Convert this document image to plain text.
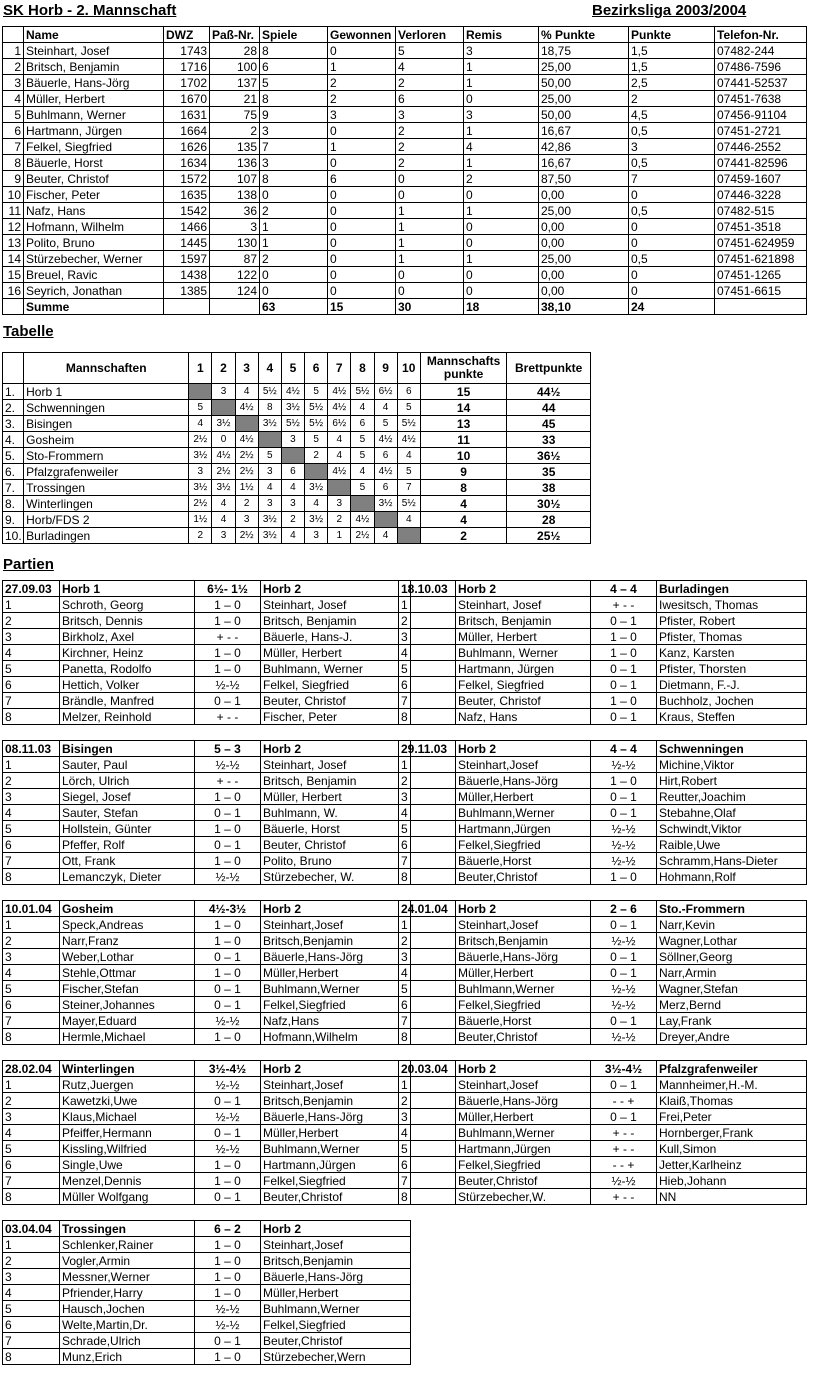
SK Horb - 2. Mannschaft	Bezirksliga 2003/2004
	Name	DWZ	Paß-Nr.	Spiele	Gewonnen	Verloren	Remis	% Punkte	Punkte	Telefon-Nr.
1	Steinhart, Josef	1743	28	8	0	5	3	18,75	1,5	07482-244
2	Britsch, Benjamin	1716	100	6	1	4	1	25,00	1,5	07486-7596
3	Bäuerle, Hans-Jörg	1702	137	5	2	2	1	50,00	2,5	07441-52537
4	Müller, Herbert	1670	21	8	2	6	0	25,00	2	07451-7638
5	Buhlmann, Werner	1631	75	9	3	3	3	50,00	4,5	07456-91104
6	Hartmann, Jürgen	1664	2	3	0	2	1	16,67	0,5	07451-2721
7	Felkel, Siegfried	1626	135	7	1	2	4	42,86	3	07446-2552
8	Bäuerle, Horst	1634	136	3	0	2	1	16,67	0,5	07441-82596
9	Beuter, Christof	1572	107	8	6	0	2	87,50	7	07459-1607
10	Fischer, Peter	1635	138	0	0	0	0	0,00	0	07446-3228
11	Nafz, Hans	1542	36	2	0	1	1	25,00	0,5	07482-515
12	Hofmann, Wilhelm	1466	3	1	0	1	0	0,00	0	07451-3518
13	Polito, Bruno	1445	130	1	0	1	0	0,00	0	07451-624959
14	Stürzebecher, Werner	1597	87	2	0	1	1	25,00	0,5	07451-621898
15	Breuel, Ravic	1438	122	0	0	0	0	0,00	0	07451-1265
16	Seyrich, Jonathan	1385	124	0	0	0	0	0,00	0	07451-6615
	Summe			63	15	30	18	38,10	24	
Tabelle
	Mannschaften	1	2	3	4	5	6	7	8	9	10	Mannschafts punkte	Brettpunkte
1.	Horb 1		3	4	5½	4½	5	4½	5½	6½	6	15	44½
2.	Schwenningen	5		4½	8	3½	5½	4½	4	4	5	14	44
3.	Bisingen	4	3½		3½	5½	5½	6½	6	5	5½	13	45
4.	Gosheim	2½	0	4½		3	5	4	5	4½	4½	11	33
5.	Sto-Frommern	3½	4½	2½	5		2	4	5	6	4	10	36½
6.	Pfalzgrafenweiler	3	2½	2½	3	6		4½	4	4½	5	9	35
7.	Trossingen	3½	3½	1½	4	4	3½		5	6	7	8	38
8.	Winterlingen	2½	4	2	3	3	4	3		3½	5½	4	30½
9.	Horb/FDS 2	1½	4	3	3½	2	3½	2	4½		4	4	28
10.	Burladingen	2	3	2½	3½	4	3	1	2½	4		2	25½
Partien
27.09.03	Horb 1	6½- 1½	Horb 2
1	Schroth, Georg	1 – 0	Steinhart, Josef
2	Britsch, Dennis	1 – 0	Britsch, Benjamin
3	Birkholz, Axel	+ - -	Bäuerle, Hans-J.
4	Kirchner, Heinz	1 – 0	Müller, Herbert
5	Panetta, Rodolfo	1 – 0	Buhlmann, Werner
6	Hettich, Volker	½-½	Felkel, Siegfried
7	Brändle, Manfred	0 – 1	Beuter, Christof
8	Melzer, Reinhold	+ - -	Fischer, Peter
18.10.03	Horb 2	4 – 4	Burladingen
1	Steinhart, Josef	+ - -	Iwesitsch, Thomas
2	Britsch, Benjamin	0 – 1	Pfister, Robert
3	Müller, Herbert	1 – 0	Pfister, Thomas
4	Buhlmann, Werner	1 – 0	Kanz, Karsten
5	Hartmann, Jürgen	0 – 1	Pfister, Thorsten
6	Felkel, Siegfried	0 – 1	Dietmann, F.-J.
7	Beuter, Christof	1 – 0	Buchholz, Jochen
8	Nafz, Hans	0 – 1	Kraus, Steffen
08.11.03	Bisingen	5 – 3	Horb 2
1	Sauter, Paul	½-½	Steinhart, Josef
2	Lörch, Ulrich	+ - -	Britsch, Benjamin
3	Siegel, Josef	1 – 0	Müller, Herbert
4	Sauter, Stefan	0 – 1	Buhlmann, W.
5	Hollstein, Günter	1 – 0	Bäuerle, Horst
6	Pfeffer, Rolf	0 – 1	Beuter, Christof
7	Ott, Frank	1 – 0	Polito, Bruno
8	Lemanczyk, Dieter	½-½	Stürzebecher, W.
29.11.03	Horb 2	4 – 4	Schwenningen
1	Steinhart,Josef	½-½	Michine,Viktor
2	Bäuerle,Hans-Jörg	1 – 0	Hirt,Robert
3	Müller,Herbert	0 – 1	Reutter,Joachim
4	Buhlmann,Werner	0 – 1	Stebahne,Olaf
5	Hartmann,Jürgen	½-½	Schwindt,Viktor
6	Felkel,Siegfried	½-½	Raible,Uwe
7	Bäuerle,Horst	½-½	Schramm,Hans-Dieter
8	Beuter,Christof	1 – 0	Hohmann,Rolf
10.01.04	Gosheim	4½-3½	Horb 2
1	Speck,Andreas	1 – 0	Steinhart,Josef
2	Narr,Franz	1 – 0	Britsch,Benjamin
3	Weber,Lothar	0 – 1	Bäuerle,Hans-Jörg
4	Stehle,Ottmar	1 – 0	Müller,Herbert
5	Fischer,Stefan	0 – 1	Buhlmann,Werner
6	Steiner,Johannes	0 – 1	Felkel,Siegfried
7	Mayer,Eduard	½-½	Nafz,Hans
8	Hermle,Michael	1 – 0	Hofmann,Wilhelm
24.01.04	Horb 2	2 – 6	Sto.-Frommern
1	Steinhart,Josef	0 – 1	Narr,Kevin
2	Britsch,Benjamin	½-½	Wagner,Lothar
3	Bäuerle,Hans-Jörg	0 – 1	Söllner,Georg
4	Müller,Herbert	0 – 1	Narr,Armin
5	Buhlmann,Werner	½-½	Wagner,Stefan
6	Felkel,Siegfried	½-½	Merz,Bernd
7	Bäuerle,Horst	0 – 1	Lay,Frank
8	Beuter,Christof	½-½	Dreyer,Andre
28.02.04	Winterlingen	3½-4½	Horb 2
1	Rutz,Juergen	½-½	Steinhart,Josef
2	Kawetzki,Uwe	0 – 1	Britsch,Benjamin
3	Klaus,Michael	½-½	Bäuerle,Hans-Jörg
4	Pfeiffer,Hermann	0 – 1	Müller,Herbert
5	Kissling,Wilfried	½-½	Buhlmann,Werner
6	Single,Uwe	1 – 0	Hartmann,Jürgen
7	Menzel,Dennis	1 – 0	Felkel,Siegfried
8	Müller Wolfgang	0 – 1	Beuter,Christof
20.03.04	Horb 2	3½-4½	Pfalzgrafenweiler
1	Steinhart,Josef	0 – 1	Mannheimer,H.-M.
2	Bäuerle,Hans-Jörg	- - +	Klaiß,Thomas
3	Müller,Herbert	0 – 1	Frei,Peter
4	Buhlmann,Werner	+ - -	Hornberger,Frank
5	Hartmann,Jürgen	+ - -	Kull,Simon
6	Felkel,Siegfried	- - +	Jetter,Karlheinz
7	Beuter,Christof	½-½	Hieb,Johann
8	Stürzebecher,W.	+ - -	NN
03.04.04	Trossingen	6 – 2	Horb 2
1	Schlenker,Rainer	1 – 0	Steinhart,Josef
2	Vogler,Armin	1 – 0	Britsch,Benjamin
3	Messner,Werner	1 – 0	Bäuerle,Hans-Jörg
4	Pfriender,Harry	1 – 0	Müller,Herbert
5	Hausch,Jochen	½-½	Buhlmann,Werner
6	Welte,Martin,Dr.	½-½	Felkel,Siegfried
7	Schrade,Ulrich	0 – 1	Beuter,Christof
8	Munz,Erich	1 – 0	Stürzebecher,Wern
